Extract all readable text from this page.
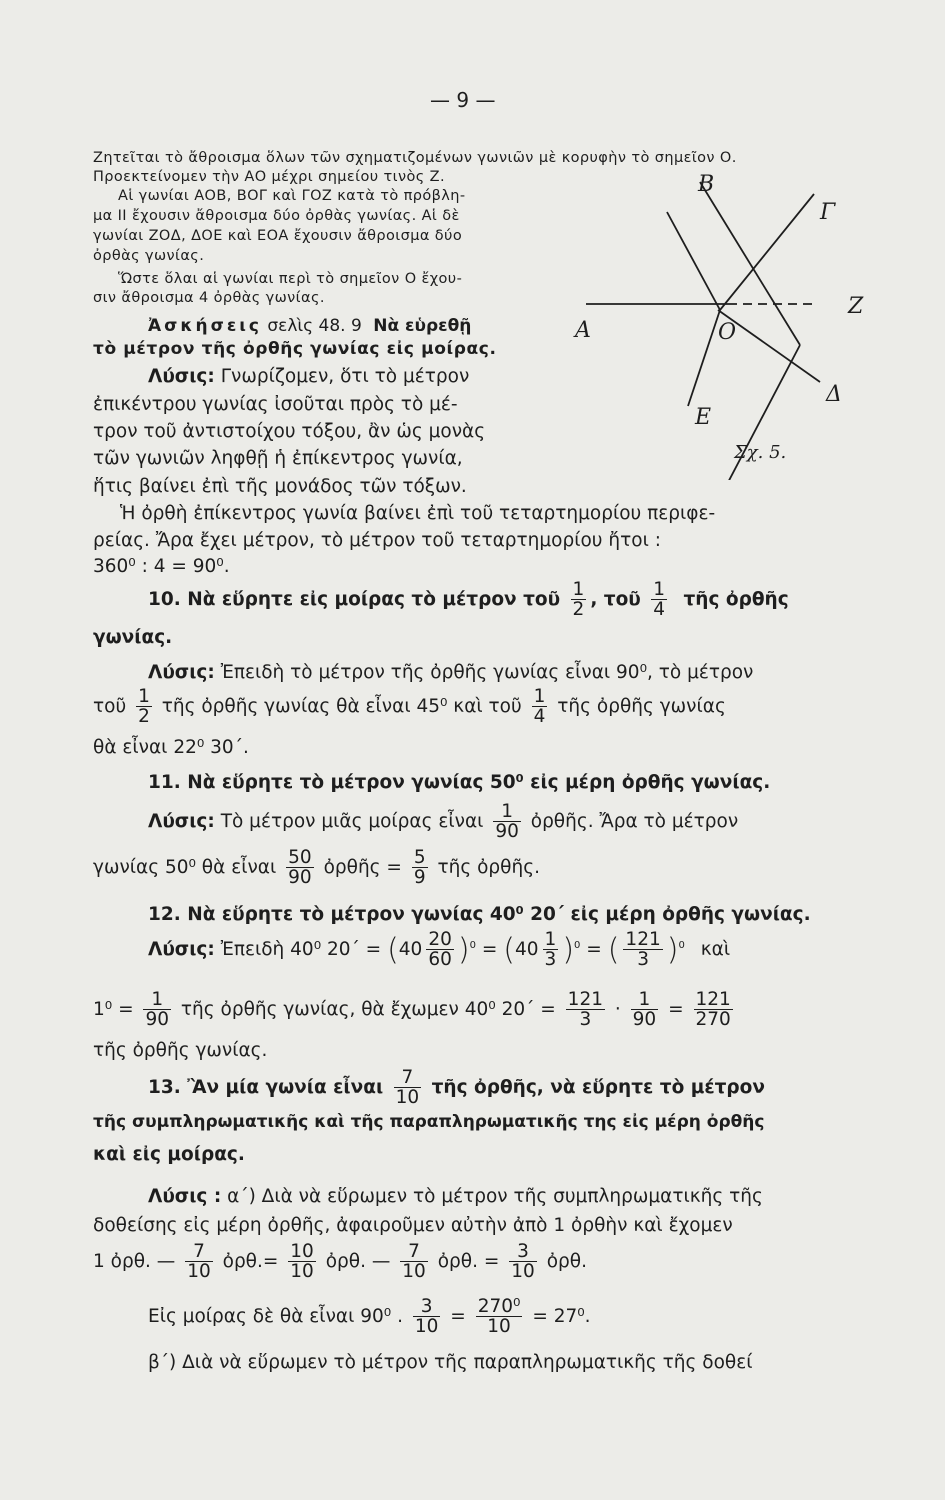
— 9 —
Ζητεῖται τὸ ἄθροισμα ὅλων τῶν σχηματιζομένων γωνιῶν μὲ κορυφὴν τὸ σημεῖον Ο.
Προεκτείνομεν τὴν ΑΟ μέχρι σημείου τινὸς Ζ.
Αἱ γωνίαι ΑΟΒ, ΒΟΓ καὶ ΓΟΖ κατὰ τὸ πρόβλη-
μα ΙΙ ἔχουσιν ἄθροισμα δύο ὀρθὰς γωνίας. Αἱ δὲ
γωνίαι ΖΟΔ, ΔΟΕ καὶ ΕΟΑ ἔχουσιν ἄθροισμα δύο
ὀρθὰς γωνίας.
Ὥστε ὅλαι αἱ γωνίαι περὶ τὸ σημεῖον Ο ἔχου-
σιν ἄθροισμα 4 ὀρθὰς γωνίας.
B
Γ
Z
A	O
Δ
E
Σχ. 5.
Ἀσκήσεις σελὶς 48. 9 Νὰ εὑρεθῇ
τὸ μέτρον τῆς ὀρθῆς γωνίας εἰς μοίρας.
Λύσις: Γνωρίζομεν, ὅτι τὸ μέτρον
ἐπικέντρου γωνίας ἰσοῦται πρὸς τὸ μέ-
τρον τοῦ ἀντιστοίχου τόξου, ἂν ὡς μονὰς
τῶν γωνιῶν ληφθῇ ἡ ἐπίκεντρος γωνία,
ἥτις βαίνει ἐπὶ τῆς μονάδος τῶν τόξων.
Ἡ ὀρθὴ ἐπίκεντρος γωνία βαίνει ἐπὶ τοῦ τεταρτημορίου περιφε-
ρείας. Ἄρα ἔχει μέτρον, τὸ μέτρον τοῦ τεταρτημορίου ἤτοι :
360⁰ : 4 = 90⁰.
10. Νὰ εὕρητε εἰς μοίρας τὸ μέτρον τοῦ $\frac{1}{2}$ , τοῦ $\frac{1}{4}$ τῆς ὀρθῆς
γωνίας.
Λύσις: Ἐπειδὴ τὸ μέτρον τῆς ὀρθῆς γωνίας εἶναι 90⁰, τὸ μέτρον
τοῦ $\frac{1}{2}$ τῆς ὀρθῆς γωνίας θὰ εἶναι 45⁰ καὶ τοῦ $\frac{1}{4}$ τῆς ὀρθῆς γωνίας
θὰ εἶναι 22⁰ 30΄.
11. Νὰ εὕρητε τὸ μέτρον γωνίας 50⁰ εἰς μέρη ὀρθῆς γωνίας.
Λύσις: Τὸ μέτρον μιᾶς μοίρας εἶναι $\frac{1}{90}$ ὀρθῆς. Ἄρα τὸ μέτρον
γωνίας 50⁰ θὰ εἶναι $\frac{50}{90}$ ὀρθῆς = $\frac{5}{9}$ τῆς ὀρθῆς.
12. Νὰ εὕρητε τὸ μέτρον γωνίας 40⁰ 20΄ εἰς μέρη ὀρθῆς γωνίας.
Λύσις: Ἐπειδὴ 40⁰ $20΄ = (40 \frac{20}{60} )^0 = (40 \frac{1}{3} )^0$ = ( $\frac{121}{3} )^0$ καὶ
$1^0 = \frac{1}{90}$ τῆς ὀρθῆς γωνίας, θὰ ἔχωμεν 40⁰ $20΄ = \frac{121}{3} \cdot \frac{1}{90} = \frac{121}{270}$
τῆς ὀρθῆς γωνίας.
13. Ἂν μία γωνία εἶναι $\frac{7}{10}$ τῆς ὀρθῆς, νὰ εὕρητε τὸ μέτρον
τῆς συμπληρωματικῆς καὶ τῆς παραπληρωματικῆς της εἰς μέρη ὀρθῆς
καὶ εἰς μοίρας.
Λύσις : α΄) Διὰ νὰ εὕρωμεν τὸ μέτρον τῆς συμπληρωματικῆς τῆς
δοθείσης εἰς μέρη ὀρθῆς, ἀφαιροῦμεν αὐτὴν ἀπὸ 1 ὀρθὴν καὶ ἔχομεν
1 ὀρθ. — $\frac{7}{10}$ ὀρθ.= $\frac{10}{10}$ ὀρθ. — $\frac{7}{10}$ ὀρθ. = $\frac{3}{10}$ ὀρθ.
Εἰς μοίρας δὲ θὰ εἶναι 90⁰ . $\frac{3}{10} = \frac{\text{270⁰}}{10} = 27^0$.
β΄) Διὰ νὰ εὕρωμεν τὸ μέτρον τῆς παραπληρωματικῆς τῆς δοθεί
